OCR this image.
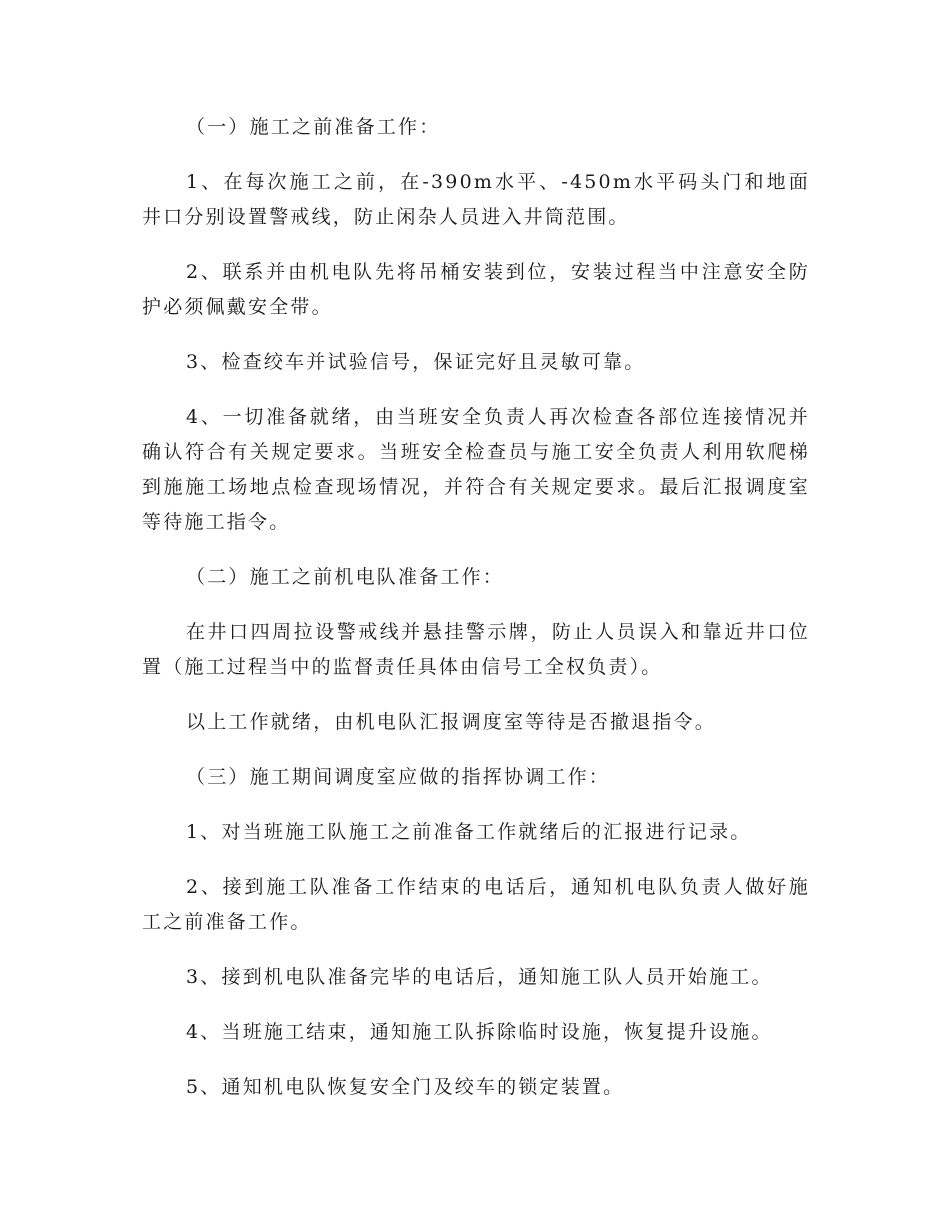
（一）施工之前准备工作：

1、在每次施工之前，在-390m水平、-450m水平码头门和地面井口分别设置警戒线，防止闲杂人员进入井筒范围。

2、联系并由机电队先将吊桶安装到位，安装过程当中注意安全防护必须佩戴安全带。

3、检查绞车并试验信号，保证完好且灵敏可靠。

4、一切准备就绪，由当班安全负责人再次检查各部位连接情况并确认符合有关规定要求。当班安全检查员与施工安全负责人利用软爬梯到施施工场地点检查现场情况，并符合有关规定要求。最后汇报调度室等待施工指令。

（二）施工之前机电队准备工作：

在井口四周拉设警戒线并悬挂警示牌，防止人员误入和靠近井口位置（施工过程当中的监督责任具体由信号工全权负责）。

以上工作就绪，由机电队汇报调度室等待是否撤退指令。

（三）施工期间调度室应做的指挥协调工作：

1、对当班施工队施工之前准备工作就绪后的汇报进行记录。

2、接到施工队准备工作结束的电话后，通知机电队负责人做好施工之前准备工作。

3、接到机电队准备完毕的电话后，通知施工队人员开始施工。

4、当班施工结束，通知施工队拆除临时设施，恢复提升设施。

5、通知机电队恢复安全门及绞车的锁定装置。
